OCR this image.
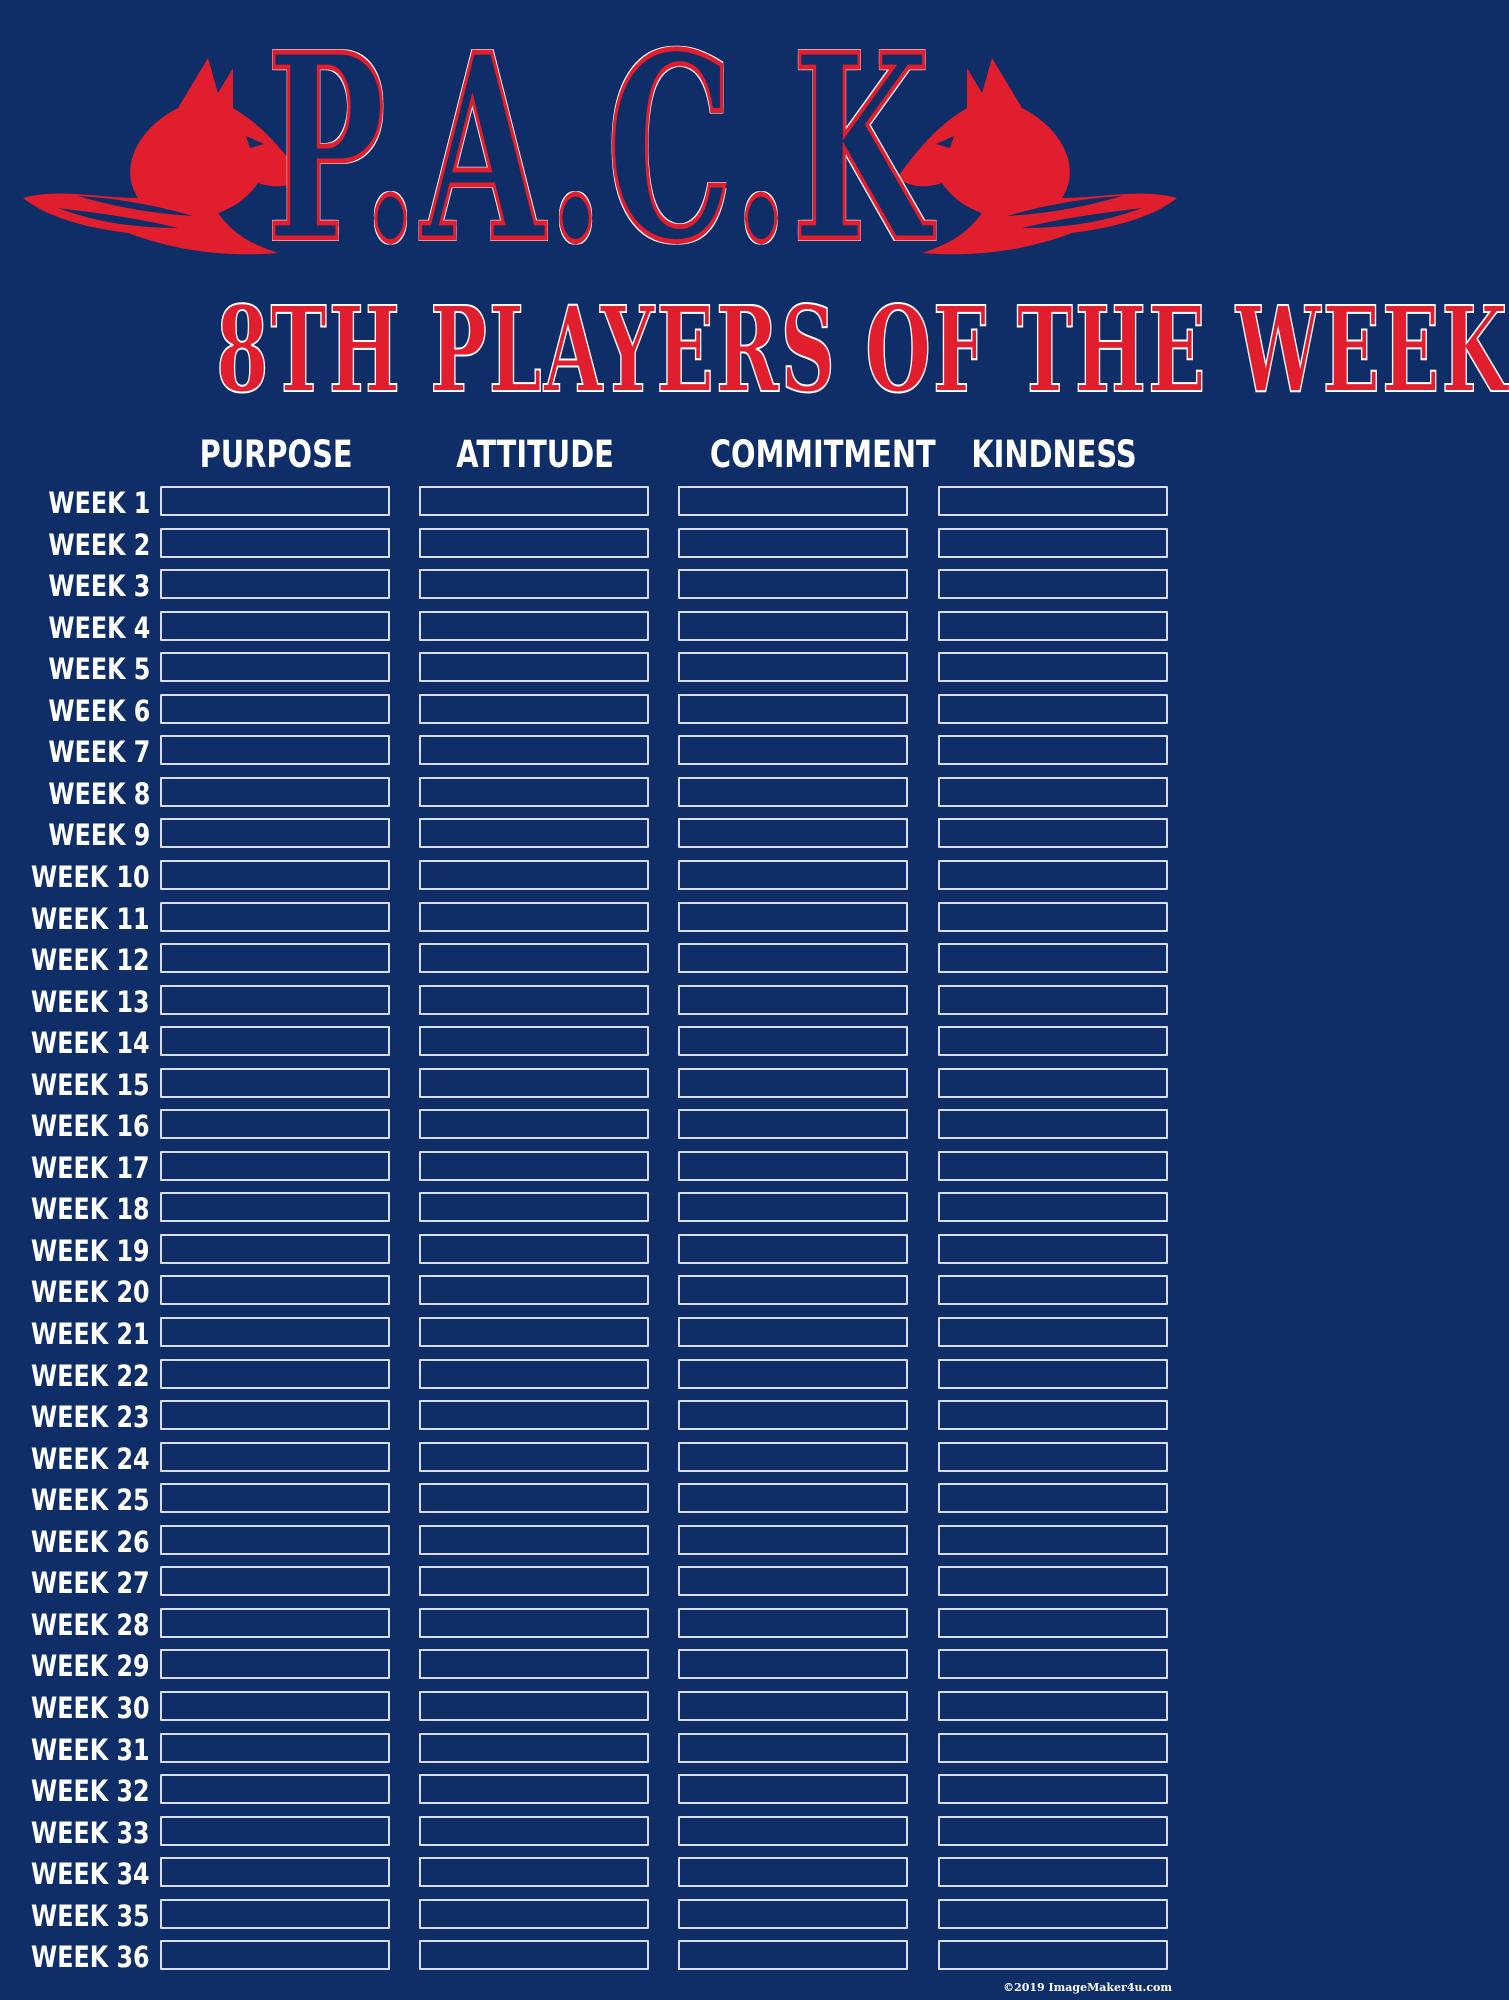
P.A.C.K
8TH PLAYERS OF THE WEEK
PURPOSE	ATTITUDE	COMMITMENT KINDNESS
WEEK 1
WEEK 2
WEEK 3
WEEK 4
WEEK 5
WEEK 6
WEEK 7
WEEK 8
WEEK 9
WEEK 10
WEEK 11
WEEK 12
WEEK 13
WEEK 14
WEEK 15
WEEK 16
WEEK 17
WEEK 18
WEEK 19
WEEK 20
WEEK 21
WEEK 22
WEEK 23
WEEK 24
WEEK 25
WEEK 26
WEEK 27
WEEK 28
WEEK 29
WEEK 30
WEEK 31
WEEK 32
WEEK 33
WEEK 34
WEEK 35
WEEK 36
©2019 ImageMaker4u.com
